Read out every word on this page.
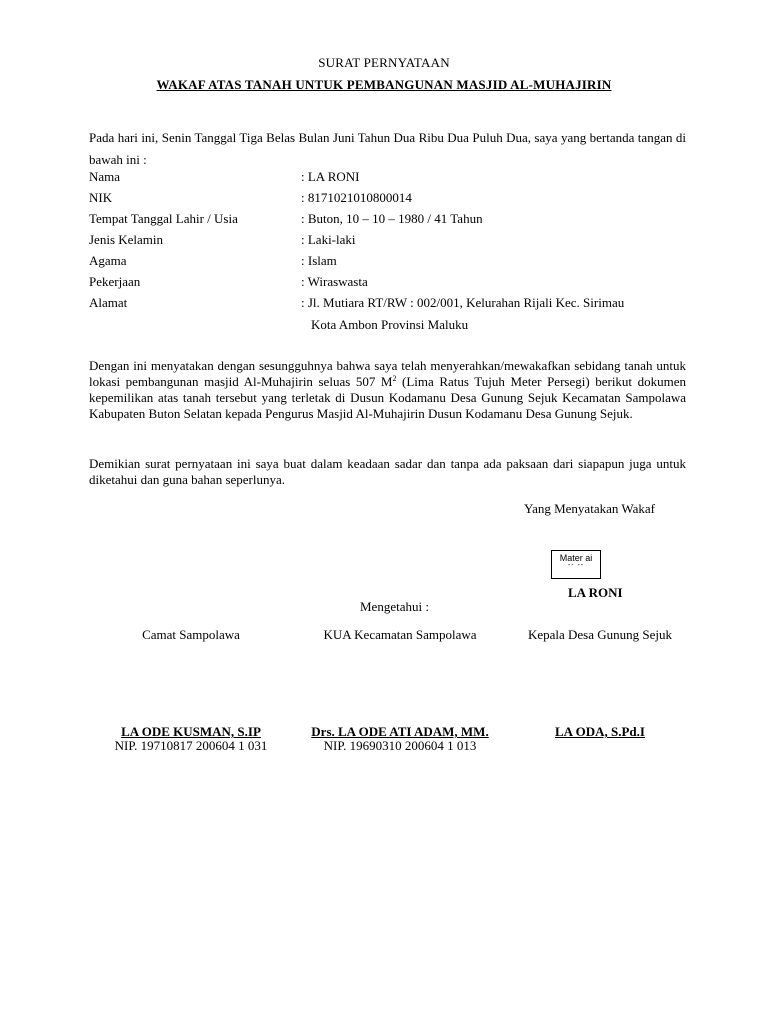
SURAT PERNYATAAN
WAKAF ATAS TANAH UNTUK PEMBANGUNAN MASJID AL-MUHAJIRIN
Pada hari ini, Senin Tanggal Tiga Belas Bulan Juni Tahun Dua Ribu Dua Puluh Dua, saya yang bertanda tangan di bawah ini :
Nama	: LA RONI
NIK	: 8171021010800014
Tempat Tanggal Lahir / Usia	: Buton, 10 – 10 – 1980 / 41 Tahun
Jenis Kelamin	: Laki-laki
Agama	: Islam
Pekerjaan	: Wiraswasta
Alamat	: Jl. Mutiara RT/RW : 002/001, Kelurahan Rijali Kec. Sirimau
Kota Ambon Provinsi Maluku
Dengan ini menyatakan dengan sesungguhnya bahwa saya telah menyerahkan/mewakafkan sebidang tanah untuk lokasi pembangunan masjid Al-Muhajirin seluas 507 $M^2$ (Lima Ratus Tujuh Meter Persegi) berikut dokumen kepemilikan atas tanah tersebut yang terletak di Dusun Kodamanu Desa Gunung Sejuk Kecamatan Sampolawa Kabupaten Buton Selatan kepada Pengurus Masjid Al-Muhajirin Dusun Kodamanu Desa Gunung Sejuk.
Demikian surat pernyataan ini saya buat dalam keadaan sadar dan tanpa ada paksaan dari siapapun juga untuk diketahui dan guna bahan seperlunya.
Yang Menyatakan Wakaf
Mater ai
-- --
LA RONI
Mengetahui :
Camat Sampolawa	KUA Kecamatan Sampolawa	Kepala Desa Gunung Sejuk
LA ODE KUSMAN, S.IP	Drs. LA ODE ATI ADAM, MM.	LA ODA, S.Pd.I
NIP. 19710817 200604 1 031	NIP. 19690310 200604 1 013
